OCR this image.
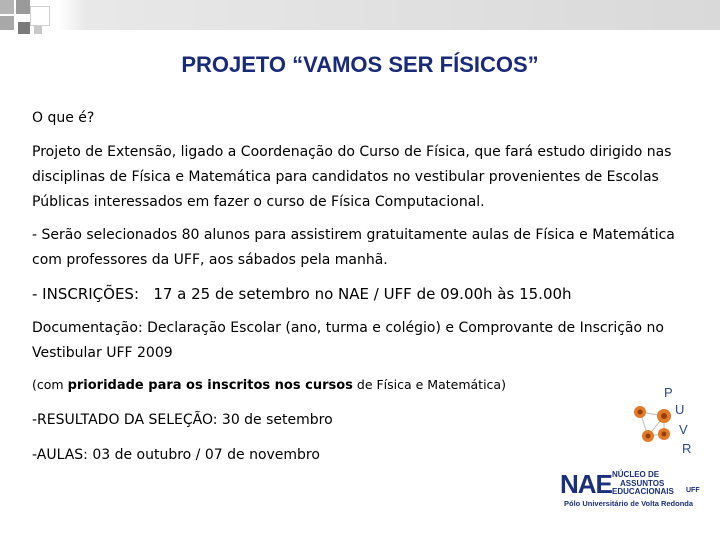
PROJETO “VAMOS SER FÍSICOS”
O que é?
Projeto de Extensão, ligado a Coordenação do Curso de Física, que fará estudo dirigido nas disciplinas de Física e Matemática para candidatos no vestibular provenientes de Escolas Públicas interessados em fazer o curso de Física Computacional.
- Serão selecionados 80 alunos para assistirem gratuitamente aulas de Física e Matemática com professores da UFF, aos sábados pela manhã.
- INSCRIÇÕES: 17 a 25 de setembro no NAE / UFF de 09.00h às 15.00h
Documentação: Declaração Escolar (ano, turma e colégio) e Comprovante de Inscrição no Vestibular UFF 2009
(com prioridade para os inscritos nos cursos de Física e Matemática)
-RESULTADO DA SELEÇÃO: 30 de setembro
-AULAS: 03 de outubro / 07 de novembro
P
U
V
R
NAE NÚCLEO DE
ASSUNTOS
EDUCACIONAIS UFF
Pólo Universitário de Volta Redonda
